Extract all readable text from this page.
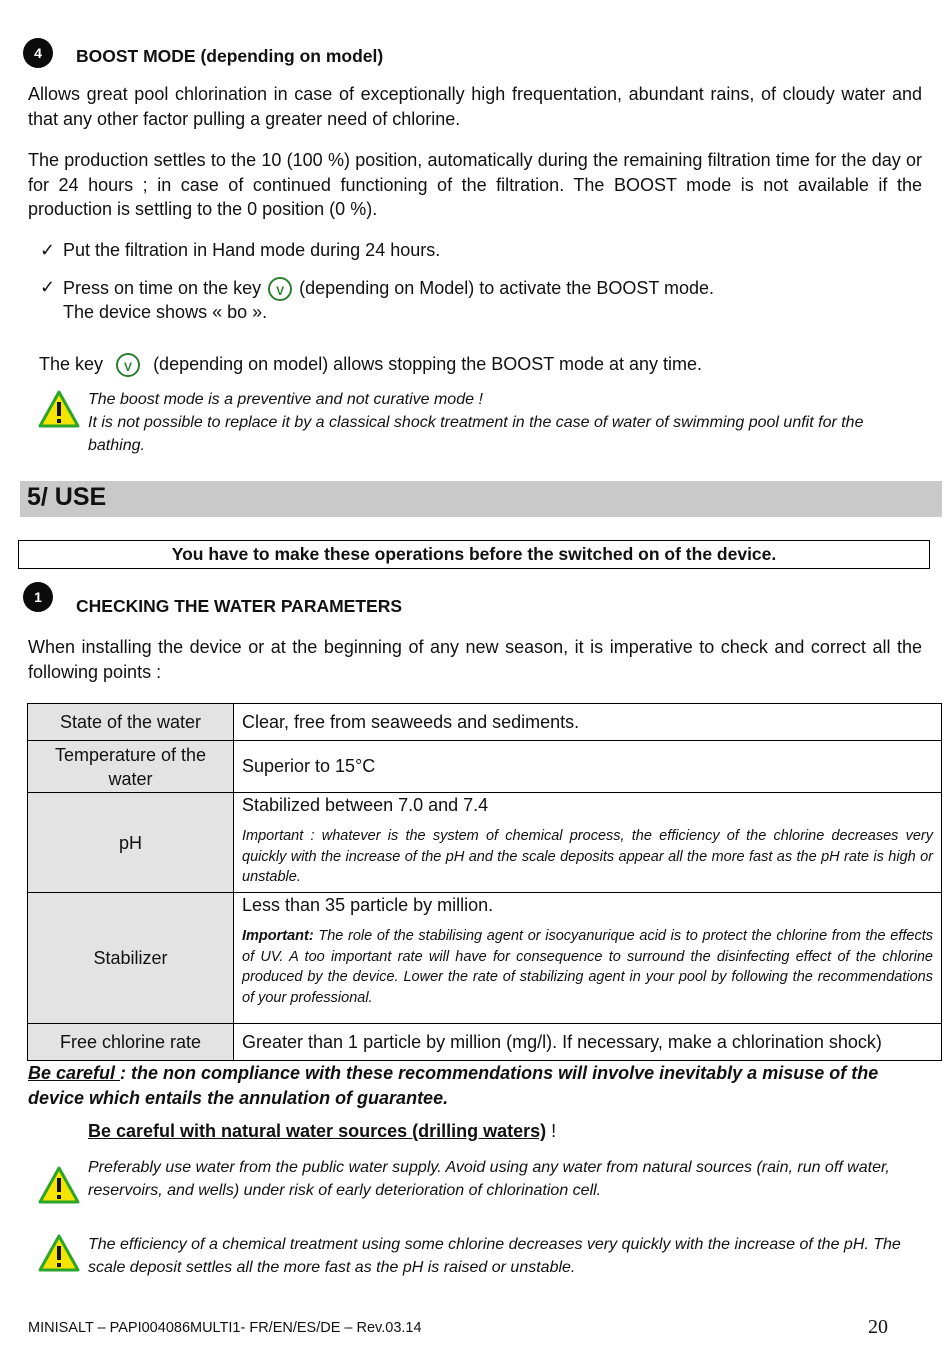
4	BOOST MODE (depending on model)
Allows great pool chlorination in case of exceptionally high frequentation, abundant rains, of cloudy water and that any other factor pulling a greater need of chlorine.
The production settles to the 10 (100 %) position, automatically during the remaining filtration time for the day or for 24 hours ; in case of continued functioning of the filtration. The BOOST mode is not available if the production is settling to the 0 position (0 %).
✓ Put the filtration in Hand mode during 24 hours.
✓ Press on time on the key V (depending on Model) to activate the BOOST mode.
The device shows « bo ».
The key V (depending on model) allows stopping the BOOST mode at any time.
The boost mode is a preventive and not curative mode !
It is not possible to replace it by a classical shock treatment in the case of water of swimming pool unfit for the bathing.
5/ USE
You have to make these operations before the switched on of the device.
1	CHECKING THE WATER PARAMETERS
When installing the device or at the beginning of any new season, it is imperative to check and correct all the following points :
State of the water	Clear, free from seaweeds and sediments.
Temperature of the water	Superior to 15°C
pH	Stabilized between 7.0 and 7.4
Important : whatever is the system of chemical process, the efficiency of the chlorine decreases very quickly with the increase of the pH and the scale deposits appear all the more fast as the pH rate is high or unstable.

Stabilizer	Less than 35 particle by million.
Important: The role of the stabilising agent or isocyanurique acid is to protect the chlorine from the effects of UV. A too important rate will have for consequence to surround the disinfecting effect of the chlorine produced by the device. Lower the rate of stabilizing agent in your pool by following the recommendations of your professional.

Free chlorine rate	Greater than 1 particle by million (mg/l). If necessary, make a chlorination shock)
Be careful : the non compliance with these recommendations will involve inevitably a misuse of the device which entails the annulation of guarantee.
Be careful with natural water sources (drilling waters) !
Preferably use water from the public water supply. Avoid using any water from natural sources (rain, run off water, reservoirs, and wells) under risk of early deterioration of chlorination cell.
The efficiency of a chemical treatment using some chlorine decreases very quickly with the increase of the pH. The scale deposit settles all the more fast as the pH is raised or unstable.
MINISALT – PAPI004086MULTI1- FR/EN/ES/DE – Rev.03.14	20
